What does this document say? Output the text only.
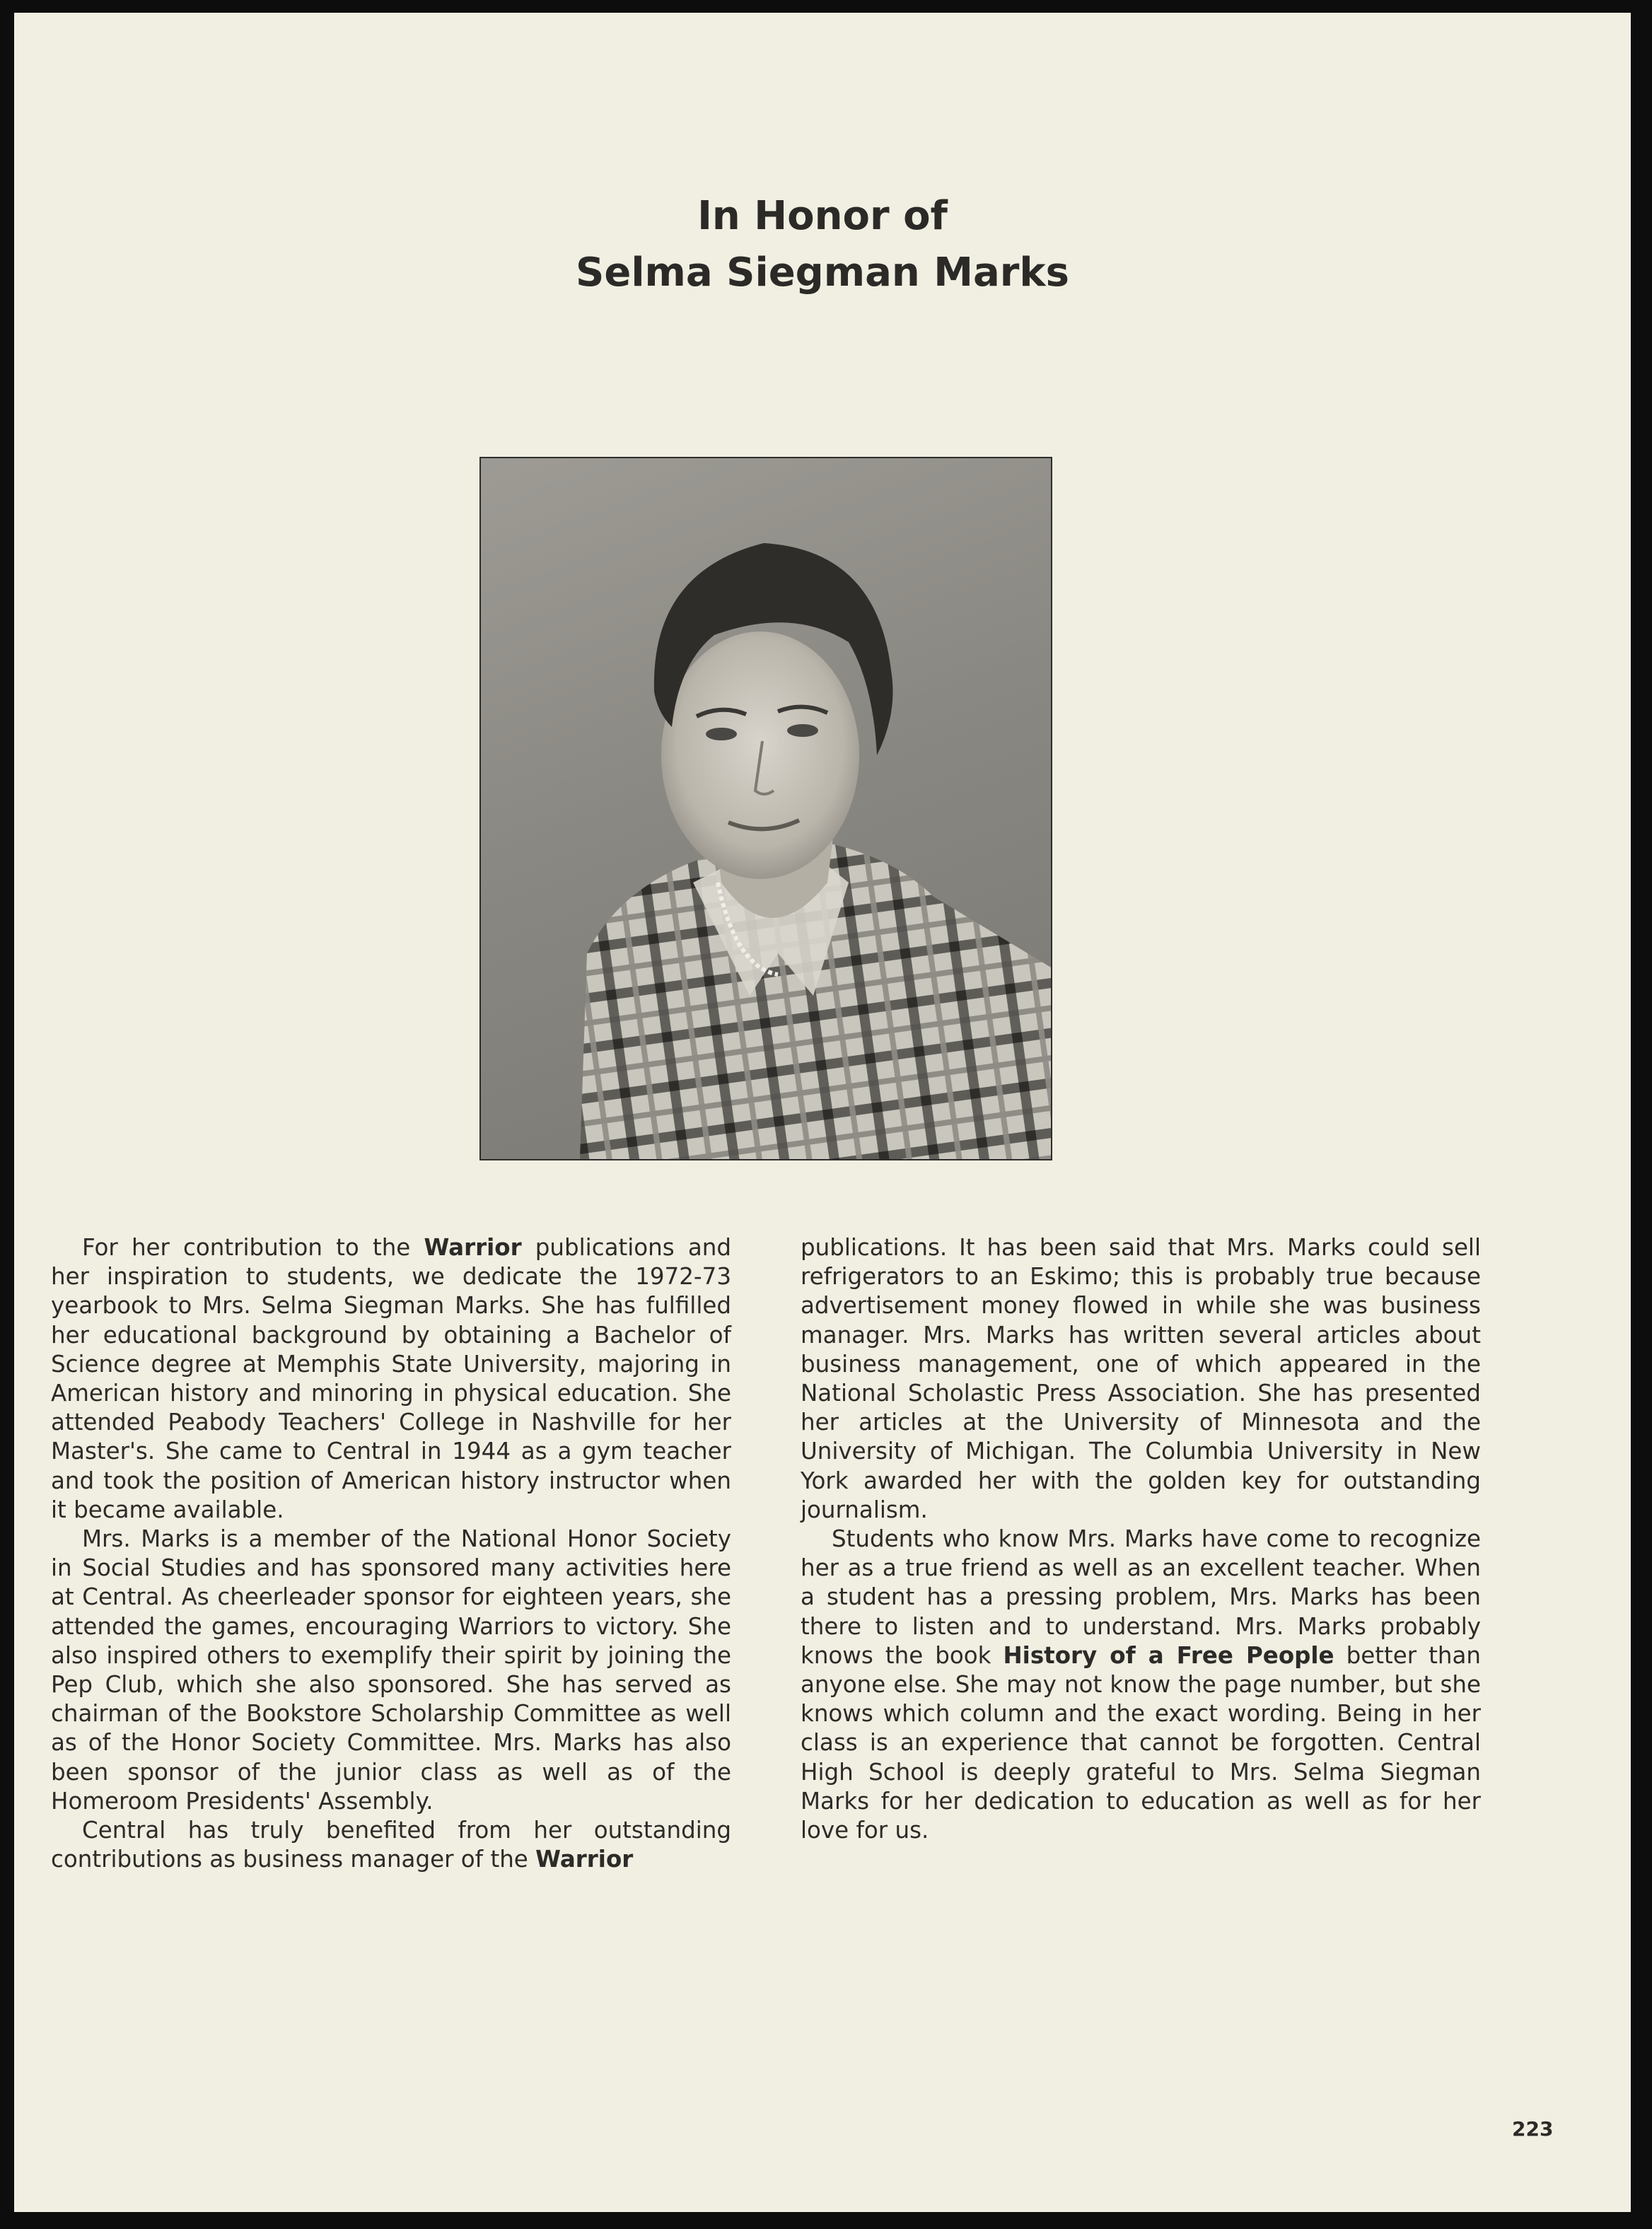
In Honor of
Selma Siegman Marks

For her contribution to the Warrior publications and her inspiration to students, we dedicate the 1972-73 yearbook to Mrs. Selma Siegman Marks. She has fulfilled her educational background by obtaining a Bachelor of Science degree at Memphis State University, majoring in American history and minoring in physical education. She attended Peabody Teachers' College in Nashville for her Master's. She came to Central in 1944 as a gym teacher and took the position of American history instructor when it became available.

Mrs. Marks is a member of the National Honor Society in Social Studies and has sponsored many activities here at Central. As cheerleader sponsor for eighteen years, she attended the games, encouraging Warriors to victory. She also inspired others to exemplify their spirit by joining the Pep Club, which she also sponsored. She has served as chairman of the Bookstore Scholarship Committee as well as of the Honor Society Committee. Mrs. Marks has also been sponsor of the junior class as well as of the Homeroom Presidents' Assembly.

Central has truly benefited from her outstanding contributions as business manager of the Warrior

publications. It has been said that Mrs. Marks could sell refrigerators to an Eskimo; this is probably true because advertisement money flowed in while she was business manager. Mrs. Marks has written several articles about business management, one of which appeared in the National Scholastic Press Association. She has presented her articles at the University of Minnesota and the University of Michigan. The Columbia University in New York awarded her with the golden key for outstanding journalism.

Students who know Mrs. Marks have come to recognize her as a true friend as well as an excellent teacher. When a student has a pressing problem, Mrs. Marks has been there to listen and to understand. Mrs. Marks probably knows the book History of a Free People better than anyone else. She may not know the page number, but she knows which column and the exact wording. Being in her class is an experience that cannot be forgotten. Central High School is deeply grateful to Mrs. Selma Siegman Marks for her dedication to education as well as for her love for us.

223
